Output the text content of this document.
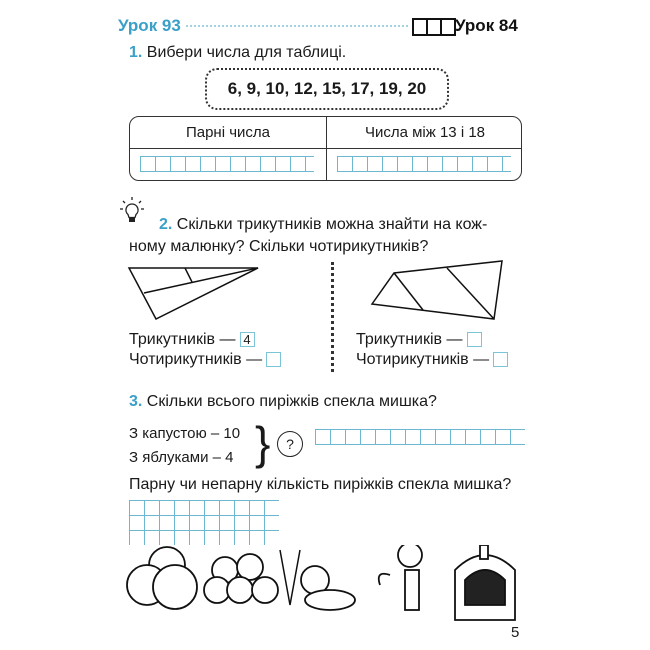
Урок 93	Урок 84
1. Вибери числа для таблиці.
6, 9, 10, 12, 15, 17, 19, 20
Парні числа	Числа між 13 і 18
2. Скільки трикутників можна знайти на кож-
ному малюнку? Скільки чотирикутників?
Трикутників — 4
Чотирикутників —
Трикутників —
Чотирикутників —
3. Скільки всього пиріжків спекла мишка?
З капустою – 10
З яблуками – 4 }	?
Парну чи непарну кількість пиріжків спекла мишка?
5
